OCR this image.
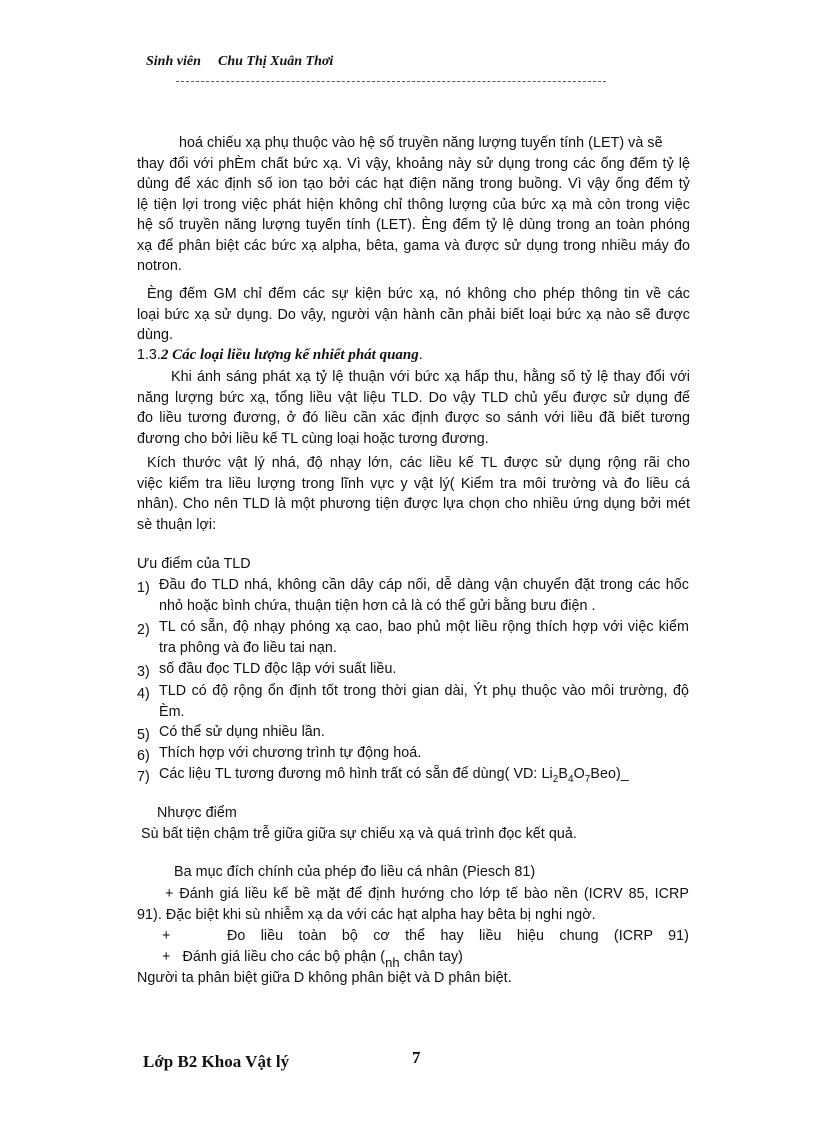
Sinh viên Chu Thị Xuân Thơi
hoá chiếu xạ phụ thuộc vào hệ số truyền năng lượng tuyến tính (LET) và sẽ
thay đổi với phÈm chất bức xạ. Vì vậy, khoảng này sử dụng trong các ống đếm tỷ lệ
dùng để xác định số ion tạo bởi các hạt điện năng trong buồng. Vì vậy ống đếm tỷ
lệ tiện lợi trong việc phát hiện không chỉ thông lượng của bức xạ mà còn trong việc
hệ số truyền năng lượng tuyến tính (LET). Èng đếm tỷ lệ dùng trong an toàn phóng
xạ để phân biệt các bức xạ alpha, bêta, gama và được sử dụng trong nhiều máy đo
notron.
Èng đếm GM chỉ đếm các sự kiện bức xạ, nó không cho phép thông tin về các
loại bức xạ sử dụng. Do vậy, người vận hành cần phải biết loại bức xạ nào sẽ được
dùng.
1.3.2 Các loại liều lượng kế nhiết phát quang.
Khi ánh sáng phát xạ tỷ lệ thuận với bức xạ hấp thu, hằng số tỷ lệ thay đổi với
năng lượng bức xạ, tổng liều vật liệu TLD. Do vậy TLD chủ yếu được sử dụng để
đo liều tương đương, ở đó liều cần xác định được so sánh với liều đã biết tương
đương cho bởi liều kế TL cùng loại hoặc tương đương.
Kích thước vật lý nhá, độ nhạy lớn, các liều kế TL được sử dụng rộng rãi cho
việc kiểm tra liều lượng trong lĩnh vực y vật lý( Kiểm tra môi trường và đo liều cá
nhân). Cho nên TLD là một phương tiện được lựa chọn cho nhiều ứng dụng bởi mét
sè thuận lợi:
Ưu điểm của TLD
1) Đầu đo TLD nhá, không cần dây cáp nối, dễ dàng vận chuyển đặt trong các hốc
nhỏ hoặc bình chứa, thuận tiện hơn cả là có thể gửi bằng bưu điện .
2) TL có sẵn, độ nhạy phóng xạ cao, bao phủ một liều rộng thích hợp với việc kiểm
tra phông và đo liều tai nạn.
3) số đầu đọc TLD độc lập với suất liều.
4) TLD có độ rộng ổn định tốt trong thời gian dài, Ýt phụ thuộc vào môi trường, độ
Èm.
5) Có thể sử dụng nhiều lần.
6) Thích hợp với chương trình tự động hoá.
7) Các liệu TL tương đương mô hình trất có sẵn để dùng( VD: $Li_2B_4O_7Beo)\_$
Nhược điểm
Sù bất tiện chậm trễ giữa giữa sự chiếu xạ và quá trình đọc kết quả.
Ba mục đích chính của phép đo liều cá nhân (Piesch 81)
+ Đánh giá liều kế bề mặt để định hướng cho lớp tế bào nền (ICRV 85, ICRP
91). Đặc biệt khi sù nhiễm xạ da với các hạt alpha hay bêta bị nghi ngờ.
+	Đo liều toàn bộ cơ thể hay liều hiệu chung (ICRP 91)
+ Đánh giá liều cho các bộ phận ($_{nh}$ chân tay)
Người ta phân biệt giữa D không phân biệt và D phân biệt.
Lớp B2 Khoa Vật lý	7
